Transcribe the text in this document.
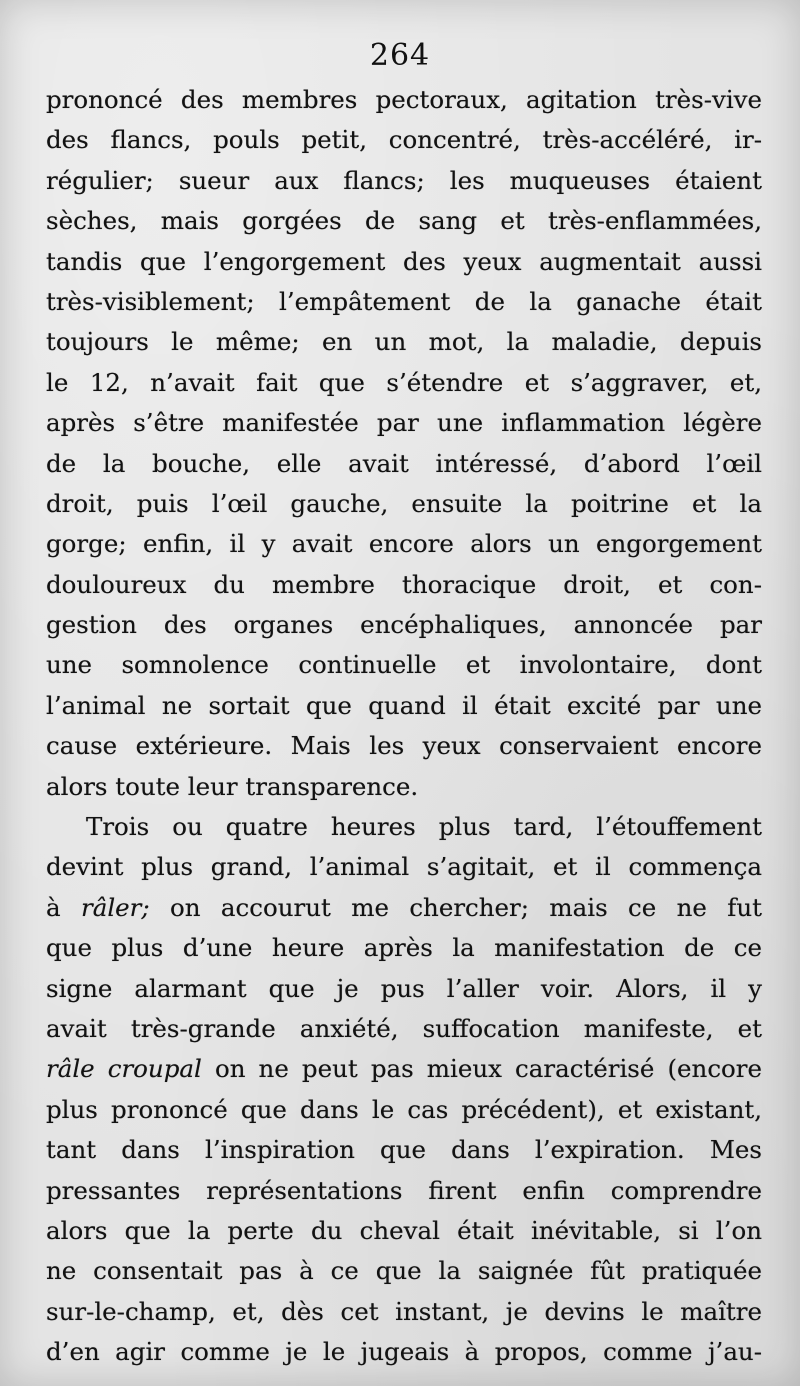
264
prononcé des membres pectoraux, agitation très-vive
des flancs, pouls petit, concentré, très-accéléré, ir-
régulier; sueur aux flancs; les muqueuses étaient
sèches, mais gorgées de sang et très-enflammées,
tandis que l’engorgement des yeux augmentait aussi
très-visiblement; l’empâtement de la ganache était
toujours le même; en un mot, la maladie, depuis
le 12, n’avait fait que s’étendre et s’aggraver, et,
après s’être manifestée par une inflammation légère
de la bouche, elle avait intéressé, d’abord l’œil
droit, puis l’œil gauche, ensuite la poitrine et la
gorge; enfin, il y avait encore alors un engorgement
douloureux du membre thoracique droit, et con-
gestion des organes encéphaliques, annoncée par
une somnolence continuelle et involontaire, dont
l’animal ne sortait que quand il était excité par une
cause extérieure. Mais les yeux conservaient encore
alors toute leur transparence.
Trois ou quatre heures plus tard, l’étouffement
devint plus grand, l’animal s’agitait, et il commença
à râler; on accourut me chercher; mais ce ne fut
que plus d’une heure après la manifestation de ce
signe alarmant que je pus l’aller voir. Alors, il y
avait très-grande anxiété, suffocation manifeste, et
râle croupal on ne peut pas mieux caractérisé (encore
plus prononcé que dans le cas précédent), et existant,
tant dans l’inspiration que dans l’expiration. Mes
pressantes représentations firent enfin comprendre
alors que la perte du cheval était inévitable, si l’on
ne consentait pas à ce que la saignée fût pratiquée
sur-le-champ, et, dès cet instant, je devins le maître
d’en agir comme je le jugeais à propos, comme j’au-
